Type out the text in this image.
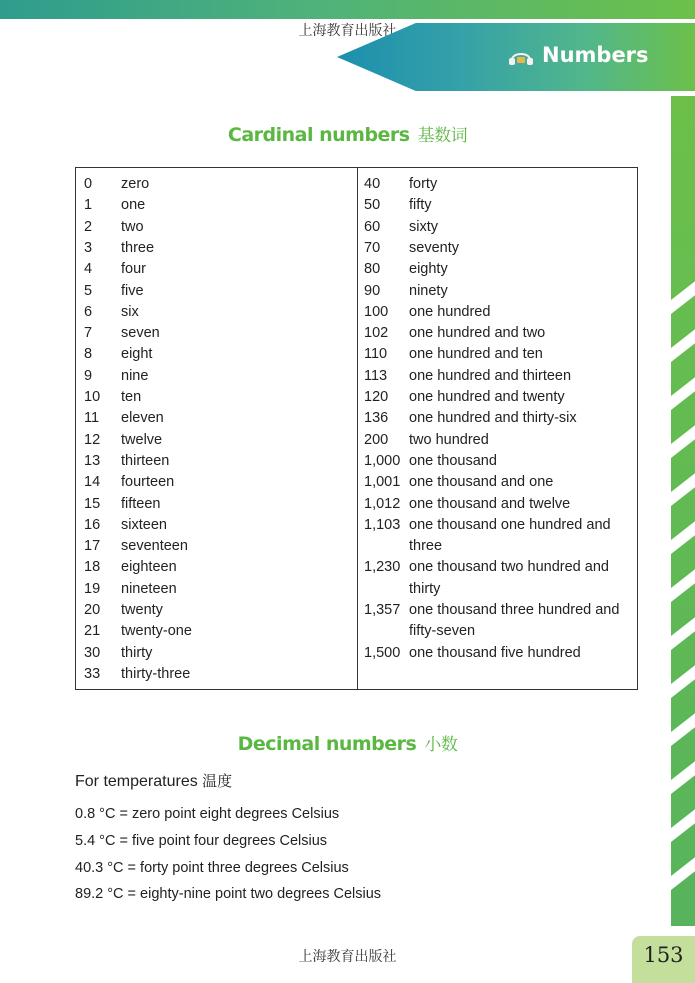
上海教育出版社
Numbers
Cardinal numbers 基数词
0 zero
1 one
2 two
3 three
4 four
5 five
6 six
7 seven
8 eight
9 nine
10 ten
11 eleven
12 twelve
13 thirteen
14 fourteen
15 fifteen
16 sixteen
17 seventeen
18 eighteen
19 nineteen
20 twenty
21 twenty-one
30 thirty
33 thirty-three
40 forty
50 fifty
60 sixty
70 seventy
80 eighty
90 ninety
100 one hundred
102 one hundred and two
110 one hundred and ten
113 one hundred and thirteen
120 one hundred and twenty
136 one hundred and thirty-six
200 two hundred
1,000 one thousand
1,001 one thousand and one
1,012 one thousand and twelve
1,103 one thousand one hundred and
three
1,230 one thousand two hundred and
thirty
1,357 one thousand three hundred and
fifty-seven
1,500 one thousand five hundred
Decimal numbers 小数
For temperatures 温度
0.8 °C = zero point eight degrees Celsius
5.4 °C = five point four degrees Celsius
40.3 °C = forty point three degrees Celsius
89.2 °C = eighty-nine point two degrees Celsius
上海教育出版社	153
